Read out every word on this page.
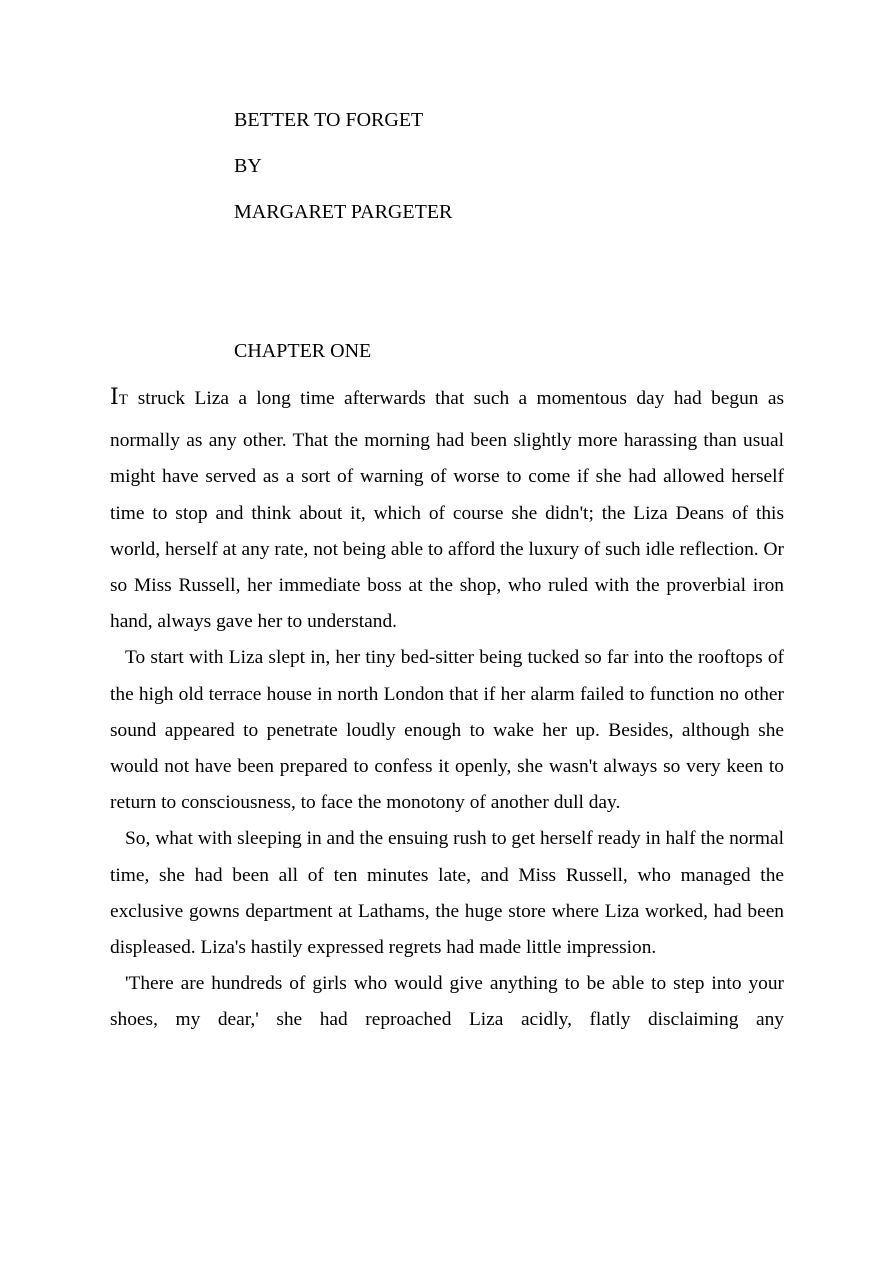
BETTER TO FORGET
BY
MARGARET PARGETER
CHAPTER ONE

IT struck Liza a long time afterwards that such a momentous day had begun as

normally as any other. That the morning had been slightly more harassing than usual might have served as a sort of warning of worse to come if she had allowed herself time to stop and think about it, which of course she didn't; the Liza Deans of this world, herself at any rate, not being able to afford the luxury of such idle reflection. Or so Miss Russell, her immediate boss at the shop, who ruled with the proverbial iron hand, always gave her to understand.

To start with Liza slept in, her tiny bed-sitter being tucked so far into the rooftops of the high old terrace house in north London that if her alarm failed to function no other sound appeared to penetrate loudly enough to wake her up. Besides, although she would not have been prepared to confess it openly, she wasn't always so very keen to return to consciousness, to face the monotony of another dull day.

So, what with sleeping in and the ensuing rush to get herself ready in half the normal time, she had been all of ten minutes late, and Miss Russell, who managed the exclusive gowns department at Lathams, the huge store where Liza worked, had been displeased. Liza's hastily expressed regrets had made little impression.

'There are hundreds of girls who would give anything to be able to step into your shoes, my dear,' she had reproached Liza acidly, flatly disclaiming any
